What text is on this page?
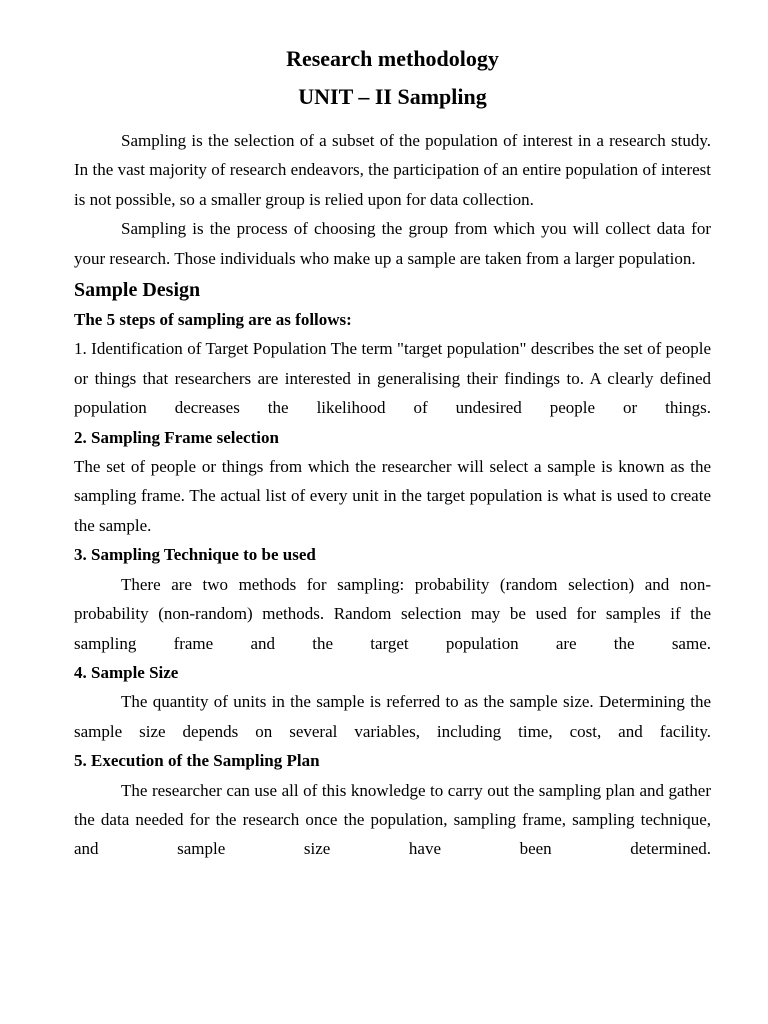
Research methodology
UNIT – II Sampling

Sampling is the selection of a subset of the population of interest in a research study. In the vast majority of research endeavors, the participation of an entire population of interest is not possible, so a smaller group is relied upon for data collection.

Sampling is the process of choosing the group from which you will collect data for your research. Those individuals who make up a sample are taken from a larger population.

Sample Design

The 5 steps of sampling are as follows:

1. Identification of Target Population The term "target population" describes the set of people or things that researchers are interested in generalising their findings to. A clearly defined population decreases the likelihood of undesired people or things.

2. Sampling Frame selection

The set of people or things from which the researcher will select a sample is known as the sampling frame. The actual list of every unit in the target population is what is used to create the sample.

3. Sampling Technique to be used

There are two methods for sampling: probability (random selection) and non-probability (non-random) methods. Random selection may be used for samples if the sampling frame and the target population are the same.

4. Sample Size

The quantity of units in the sample is referred to as the sample size. Determining the sample size depends on several variables, including time, cost, and facility.

5. Execution of the Sampling Plan

The researcher can use all of this knowledge to carry out the sampling plan and gather the data needed for the research once the population, sampling frame, sampling technique, and sample size have been determined.
